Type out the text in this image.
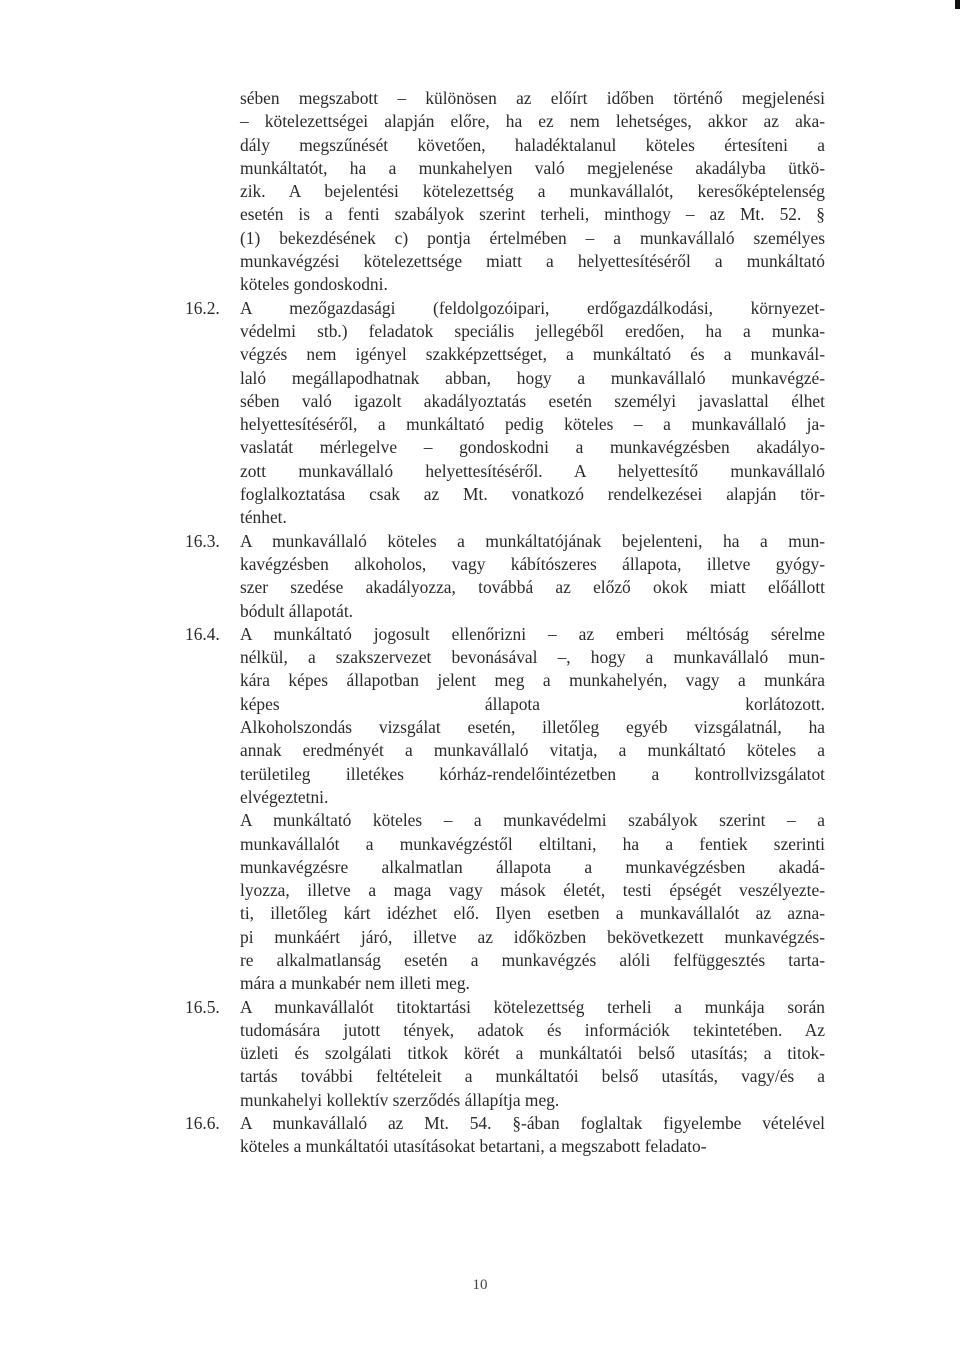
sében megszabott – különösen az előírt időben történő megjelenési
– kötelezettségei alapján előre, ha ez nem lehetséges, akkor az aka-
dály megszűnését követően, haladéktalanul köteles értesíteni a
munkáltatót, ha a munkahelyen való megjelenése akadályba ütkö-
zik. A bejelentési kötelezettség a munkavállalót, keresőképtelenség
esetén is a fenti szabályok szerint terheli, minthogy – az Mt. 52. §
(1) bekezdésének c) pontja értelmében – a munkavállaló személyes
munkavégzési kötelezettsége miatt a helyettesítéséről a munkáltató
köteles gondoskodni.
16.2. A mezőgazdasági (feldolgozóipari, erdőgazdálkodási, környezet-
védelmi stb.) feladatok speciális jellegéből eredően, ha a munka-
végzés nem igényel szakképzettséget, a munkáltató és a munkavál-
laló megállapodhatnak abban, hogy a munkavállaló munkavégzé-
sében való igazolt akadályoztatás esetén személyi javaslattal élhet
helyettesítéséről, a munkáltató pedig köteles – a munkavállaló ja-
vaslatát mérlegelve – gondoskodni a munkavégzésben akadályo-
zott munkavállaló helyettesítéséről. A helyettesítő munkavállaló
foglalkoztatása csak az Mt. vonatkozó rendelkezései alapján tör-
ténhet.
16.3. A munkavállaló köteles a munkáltatójának bejelenteni, ha a mun-
kavégzésben alkoholos, vagy kábítószeres állapota, illetve gyógy-
szer szedése akadályozza, továbbá az előző okok miatt előállott
bódult állapotát.
16.4. A munkáltató jogosult ellenőrizni – az emberi méltóság sérelme
nélkül, a szakszervezet bevonásával –, hogy a munkavállaló mun-
kára képes állapotban jelent meg a munkahelyén, vagy a munkára
képes állapota korlátozott.
Alkoholszondás vizsgálat esetén, illetőleg egyéb vizsgálatnál, ha
annak eredményét a munkavállaló vitatja, a munkáltató köteles a
területileg illetékes kórház-rendelőintézetben a kontrollvizsgálatot
elvégeztetni.
A munkáltató köteles – a munkavédelmi szabályok szerint – a
munkavállalót a munkavégzéstől eltiltani, ha a fentiek szerinti
munkavégzésre alkalmatlan állapota a munkavégzésben akadá-
lyozza, illetve a maga vagy mások életét, testi épségét veszélyezte-
ti, illetőleg kárt idézhet elő. Ilyen esetben a munkavállalót az azna-
pi munkáért járó, illetve az időközben bekövetkezett munkavégzés-
re alkalmatlanság esetén a munkavégzés alóli felfüggesztés tarta-
mára a munkabér nem illeti meg.
16.5. A munkavállalót titoktartási kötelezettség terheli a munkája során
tudomására jutott tények, adatok és információk tekintetében. Az
üzleti és szolgálati titkok körét a munkáltatói belső utasítás; a titok-
tartás további feltételeit a munkáltatói belső utasítás, vagy/és a
munkahelyi kollektív szerződés állapítja meg.
16.6. A munkavállaló az Mt. 54. §-ában foglaltak figyelembe vételével
köteles a munkáltatói utasításokat betartani, a megszabott feladato-
10
